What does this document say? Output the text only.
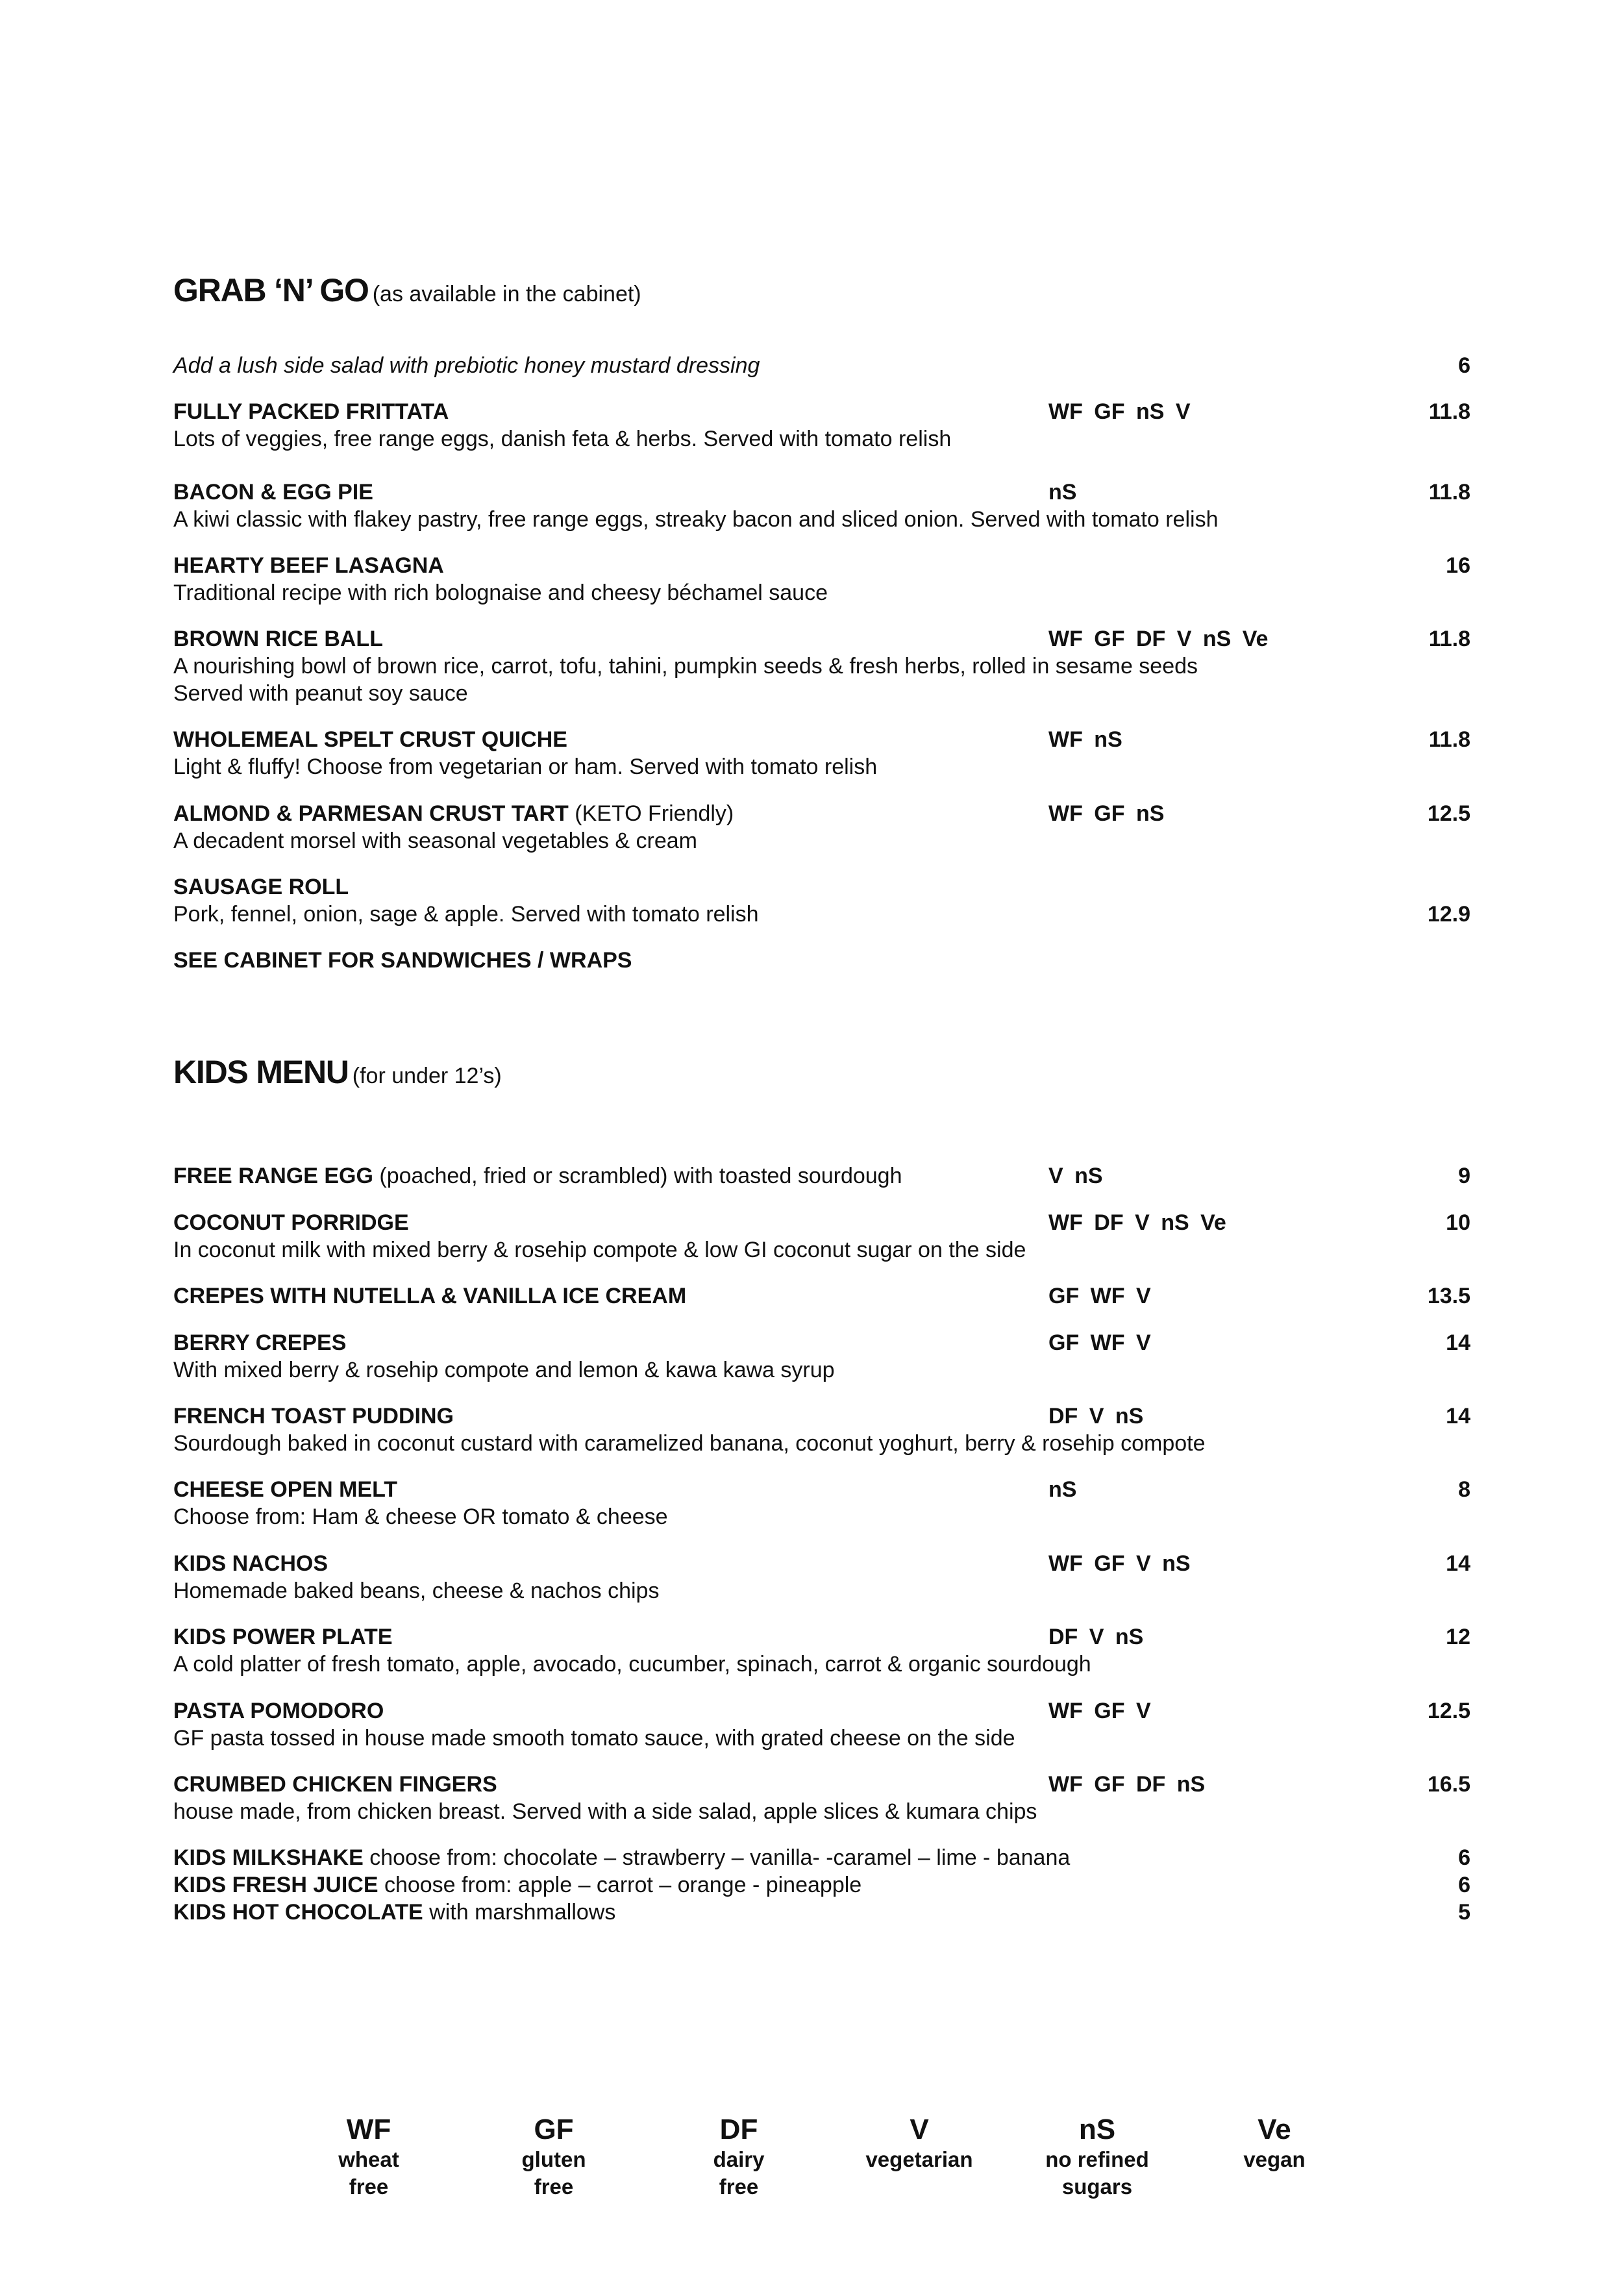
GRAB ‘N’ GO (as available in the cabinet)
Add a lush side salad with prebiotic honey mustard dressing	6
FULLY PACKED FRITTATA	WF GF nS V	11.8
Lots of veggies, free range eggs, danish feta & herbs. Served with tomato relish
BACON & EGG PIE	nS	11.8
A kiwi classic with flakey pastry, free range eggs, streaky bacon and sliced onion. Served with tomato relish
HEARTY BEEF LASAGNA	16
Traditional recipe with rich bolognaise and cheesy béchamel sauce
BROWN RICE BALL	WF GF DF V nS Ve	11.8
A nourishing bowl of brown rice, carrot, tofu, tahini, pumpkin seeds & fresh herbs, rolled in sesame seeds
Served with peanut soy sauce
WHOLEMEAL SPELT CRUST QUICHE	WF nS	11.8
Light & fluffy! Choose from vegetarian or ham. Served with tomato relish
ALMOND & PARMESAN CRUST TART (KETO Friendly)	WF GF nS	12.5
A decadent morsel with seasonal vegetables & cream
SAUSAGE ROLL
Pork, fennel, onion, sage & apple. Served with tomato relish	12.9
SEE CABINET FOR SANDWICHES / WRAPS
KIDS MENU (for under 12’s)
FREE RANGE EGG (poached, fried or scrambled) with toasted sourdough	V nS	9
COCONUT PORRIDGE	WF DF V nS Ve	10
In coconut milk with mixed berry & rosehip compote & low GI coconut sugar on the side
CREPES WITH NUTELLA & VANILLA ICE CREAM	GF WF V	13.5
BERRY CREPES	GF WF V	14
With mixed berry & rosehip compote and lemon & kawa kawa syrup
FRENCH TOAST PUDDING	DF V nS	14
Sourdough baked in coconut custard with caramelized banana, coconut yoghurt, berry & rosehip compote
CHEESE OPEN MELT	nS	8
Choose from: Ham & cheese OR tomato & cheese
KIDS NACHOS	WF GF V nS	14
Homemade baked beans, cheese & nachos chips
KIDS POWER PLATE	DF V nS	12
A cold platter of fresh tomato, apple, avocado, cucumber, spinach, carrot & organic sourdough
PASTA POMODORO	WF GF V	12.5
GF pasta tossed in house made smooth tomato sauce, with grated cheese on the side
CRUMBED CHICKEN FINGERS	WF GF DF nS	16.5
house made, from chicken breast. Served with a side salad, apple slices & kumara chips
KIDS MILKSHAKE choose from: chocolate – strawberry – vanilla- -caramel – lime - banana	6
KIDS FRESH JUICE choose from: apple – carrot – orange - pineapple	6
KIDS HOT CHOCOLATE with marshmallows	5
WF
wheat
free
GF
gluten
free
DF
dairy
free
V
vegetarian
nS
no refined
sugars
Ve
vegan
